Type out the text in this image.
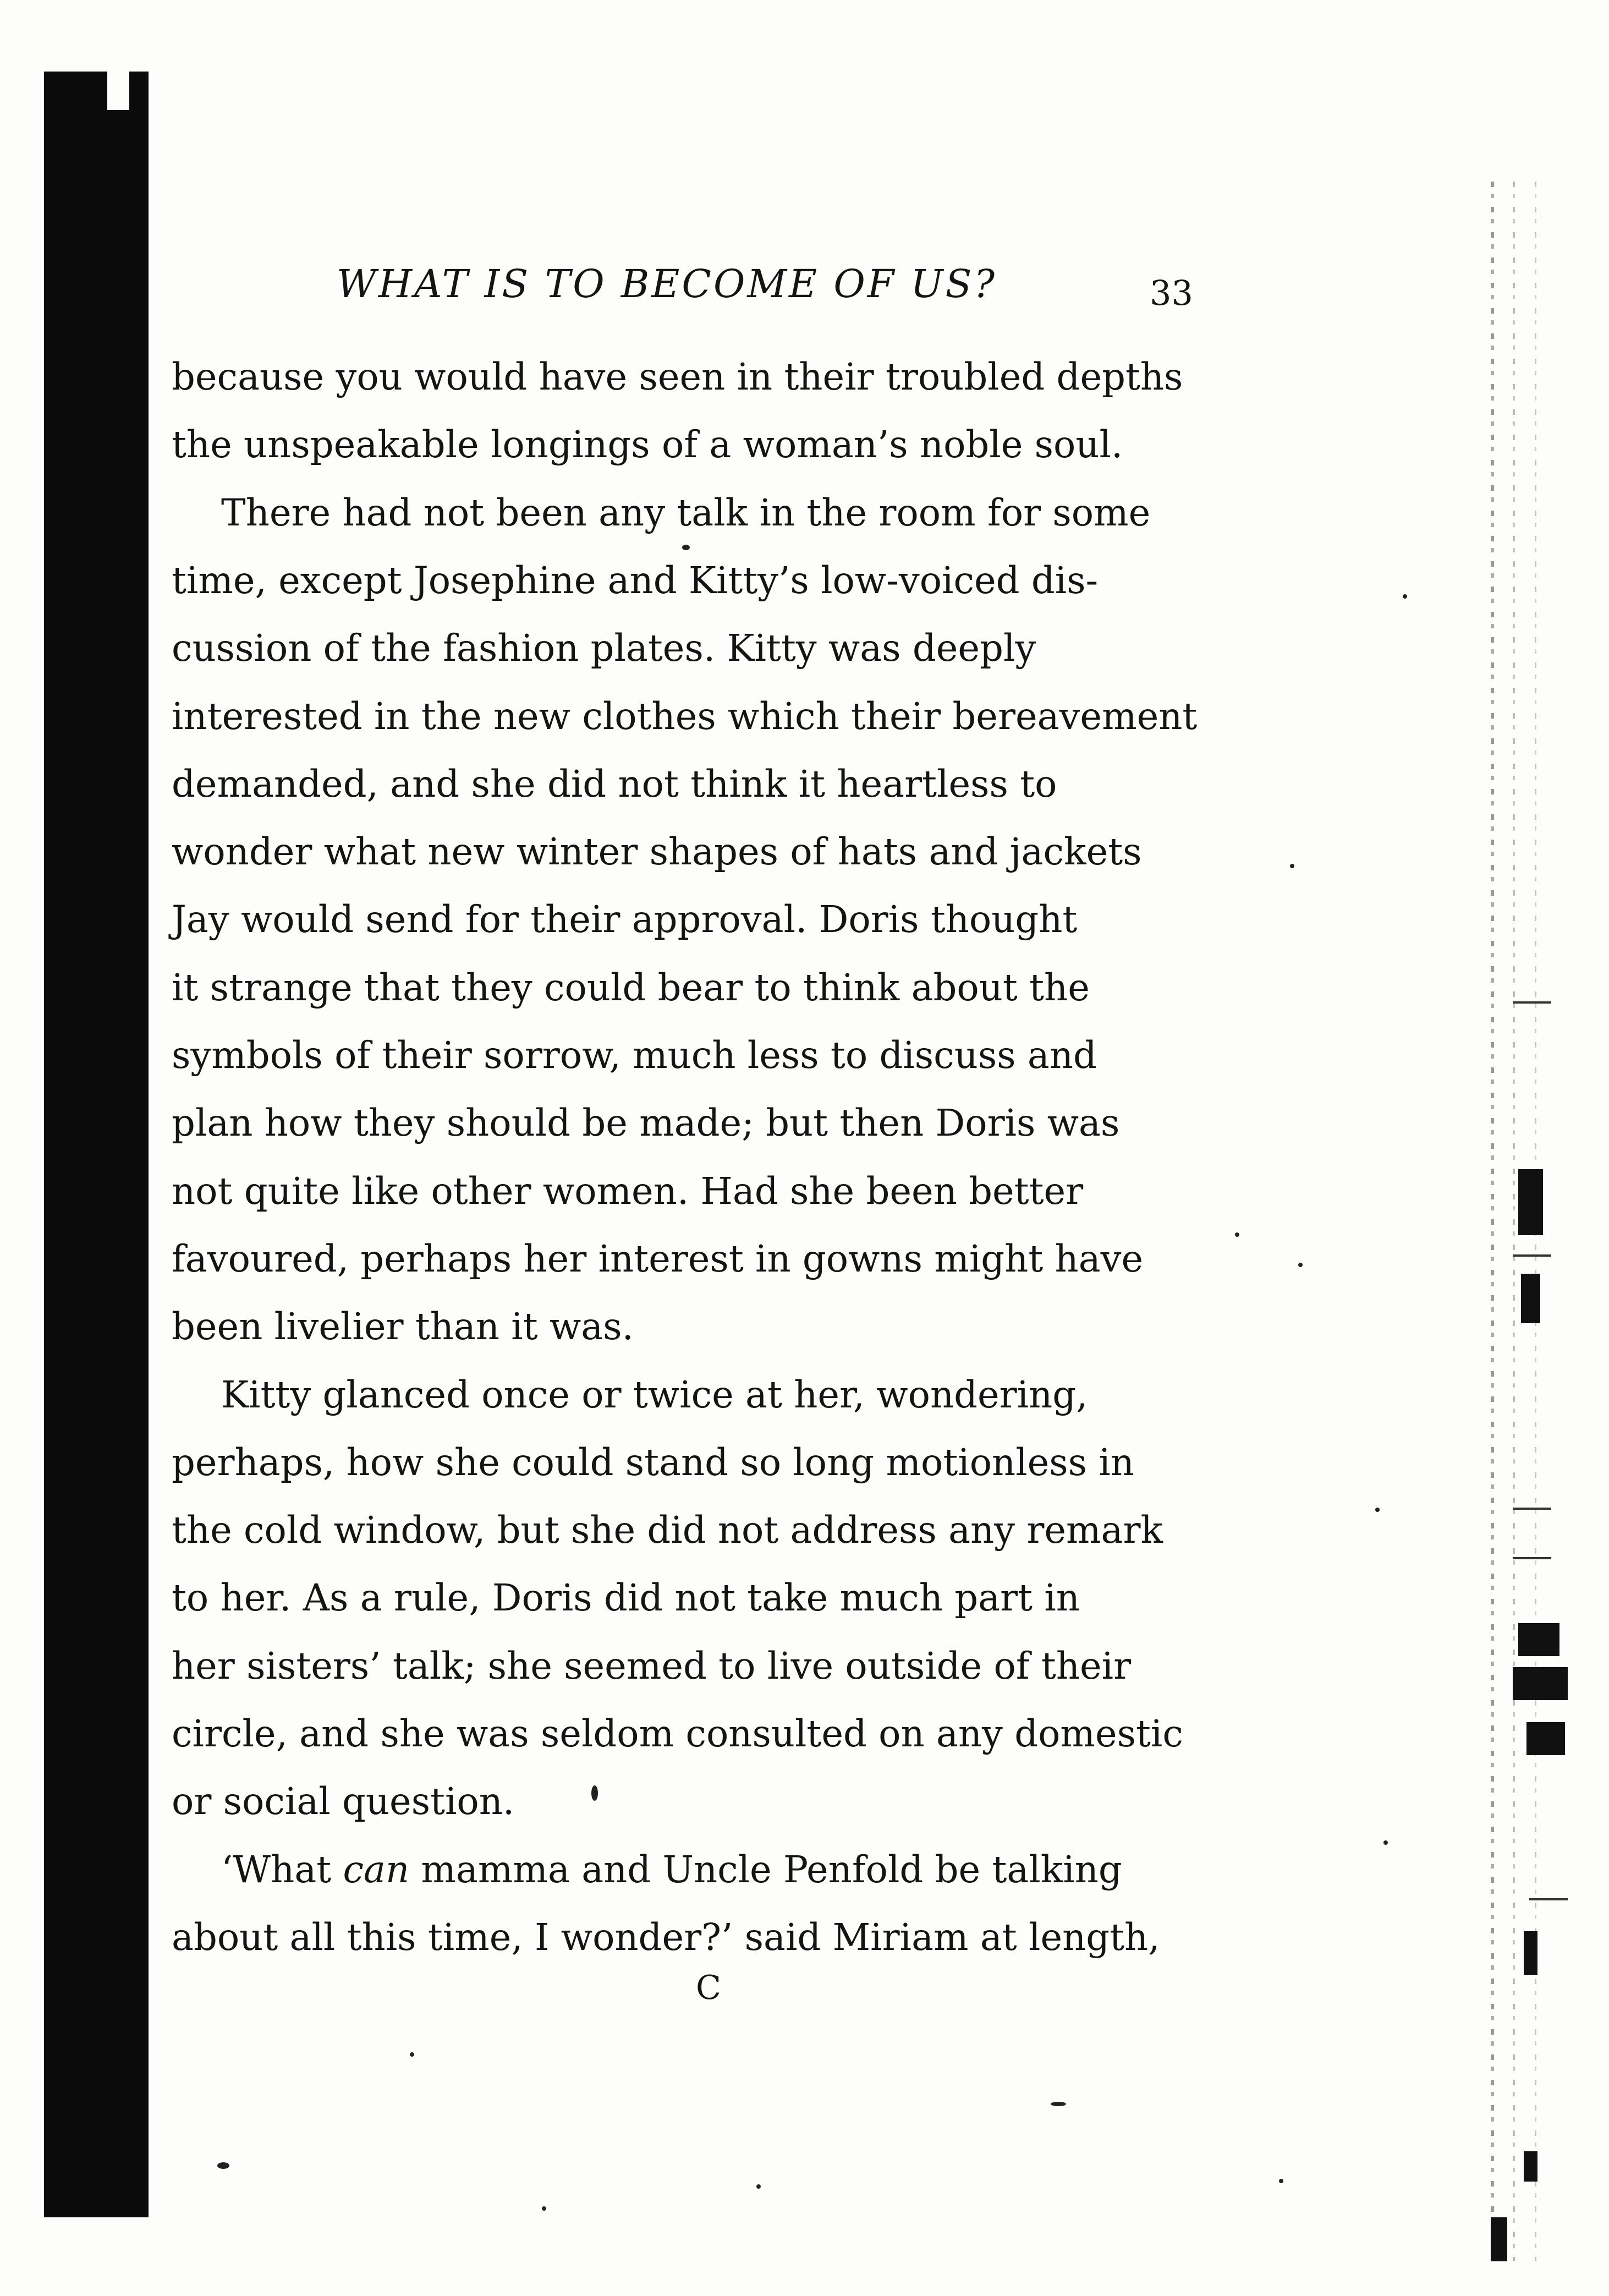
WHAT IS TO BECOME OF US?	33
because you would have seen in their troubled depths
the unspeakable longings of a woman’s noble soul.
There had not been any talk in the room for some
time, except Josephine and Kitty’s low-voiced dis-
cussion of the fashion plates. Kitty was deeply
interested in the new clothes which their bereavement
demanded, and she did not think it heartless to
wonder what new winter shapes of hats and jackets
Jay would send for their approval. Doris thought
it strange that they could bear to think about the
symbols of their sorrow, much less to discuss and
plan how they should be made; but then Doris was
not quite like other women. Had she been better
favoured, perhaps her interest in gowns might have
been livelier than it was.
Kitty glanced once or twice at her, wondering,
perhaps, how she could stand so long motionless in
the cold window, but she did not address any remark
to her. As a rule, Doris did not take much part in
her sisters’ talk; she seemed to live outside of their
circle, and she was seldom consulted on any domestic
or social question.
‘What can mamma and Uncle Penfold be talking
about all this time, I wonder?’ said Miriam at length,
C
